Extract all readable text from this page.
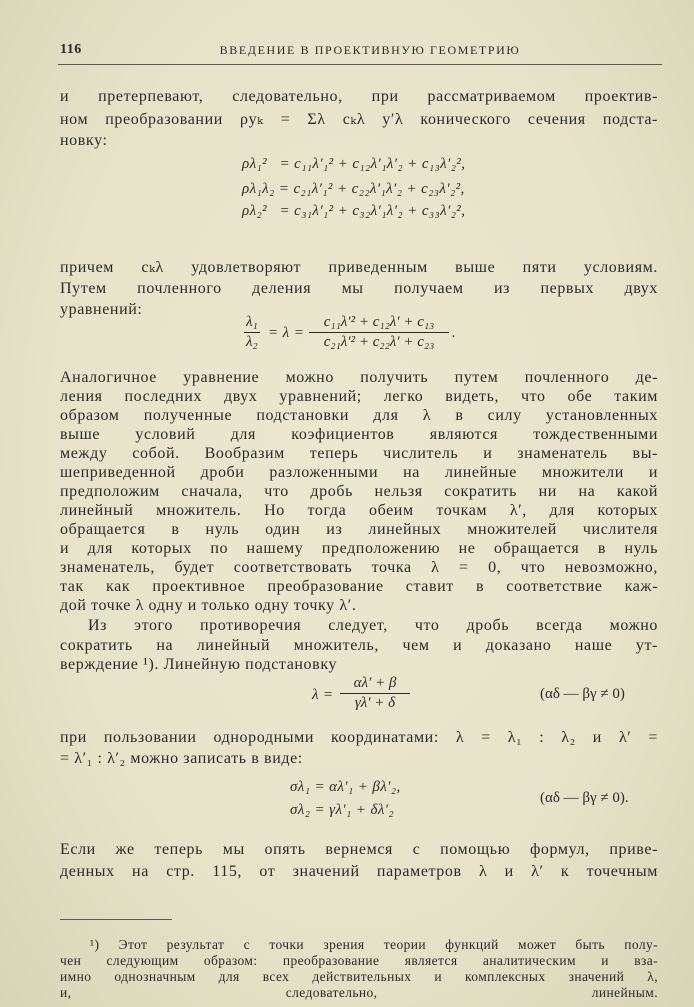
116	ВВЕДЕНИЕ В ПРОЕКТИВНУЮ ГЕОМЕТРИЮ
и претерпевают, следовательно, при рассматриваемом проектив-
ном преобразовании ρyₖ = Σλ cₖλ y′λ конического сечения подста-
новку:
ρλ₁²   = c₁₁λ′₁² + c₁₂λ′₁λ′₂ + c₁₃λ′₂²,
ρλ₁λ₂ = c₂₁λ′₁² + c₂₂λ′₁λ′₂ + c₂₃λ′₂²,
ρλ₂²   = c₃₁λ′₁² + c₃₂λ′₁λ′₂ + c₃₃λ′₂²,
причем cₖλ удовлетворяют приведенным выше пяти условиям.
Путем почленного деления мы получаем из первых двух
уравнений:
$\frac{\text{λ₁}}{\text{λ₂}} = \lambda = \frac{\text{c₁₁λ′² + c₁₂λ′ + c₁₃}}{\text{c₂₁λ′² + c₂₂λ′ + c₂₃}}$ .
Аналогичное уравнение можно получить путем почленного де-
ления последних двух уравнений; легко видеть, что обе таким
образом полученные подстановки для λ в силу установленных
выше условий для коэфициентов являются тождественными
между собой. Вообразим теперь числитель и знаменатель вы-
шеприведенной дроби разложенными на линейные множители и
предположим сначала, что дробь нельзя сократить ни на какой
линейный множитель. Но тогда обеим точкам λ′, для которых
обращается в нуль один из линейных множителей числителя
и для которых по нашему предположению не обращается в нуль
знаменатель, будет соответствовать точка λ = 0, что невозможно,
так как проективное преобразование ставит в соответствие каж-
дой точке λ одну и только одну точку λ′.
Из этого противоречия следует, что дробь всегда можно
сократить на линейный множитель, чем и доказано наше ут-
верждение ¹). Линейную подстановку
$\lambda = \frac{\alpha\lambda' + \beta}{\gamma\lambda' + \delta}$	(αδ — βγ ≠ 0)
при пользовании однородными координатами: λ = λ₁ : λ₂ и λ′ =
= λ′₁ : λ′₂ можно записать в виде:
σλ₁ = αλ′₁ + βλ′₂,
σλ₂ = γλ′₁ + δλ′₂
(αδ — βγ ≠ 0).
Если же теперь мы опять вернемся с помощью формул, приве-
денных на стр. 115, от значений параметров λ и λ′ к точечным
¹) Этот результат с точки зрения теории функций может быть полу-
чен следующим образом: преобразование является аналитическим и вза-
имно однозначным для всех действительных и комплексных значений λ,
и, следовательно, линейным.
